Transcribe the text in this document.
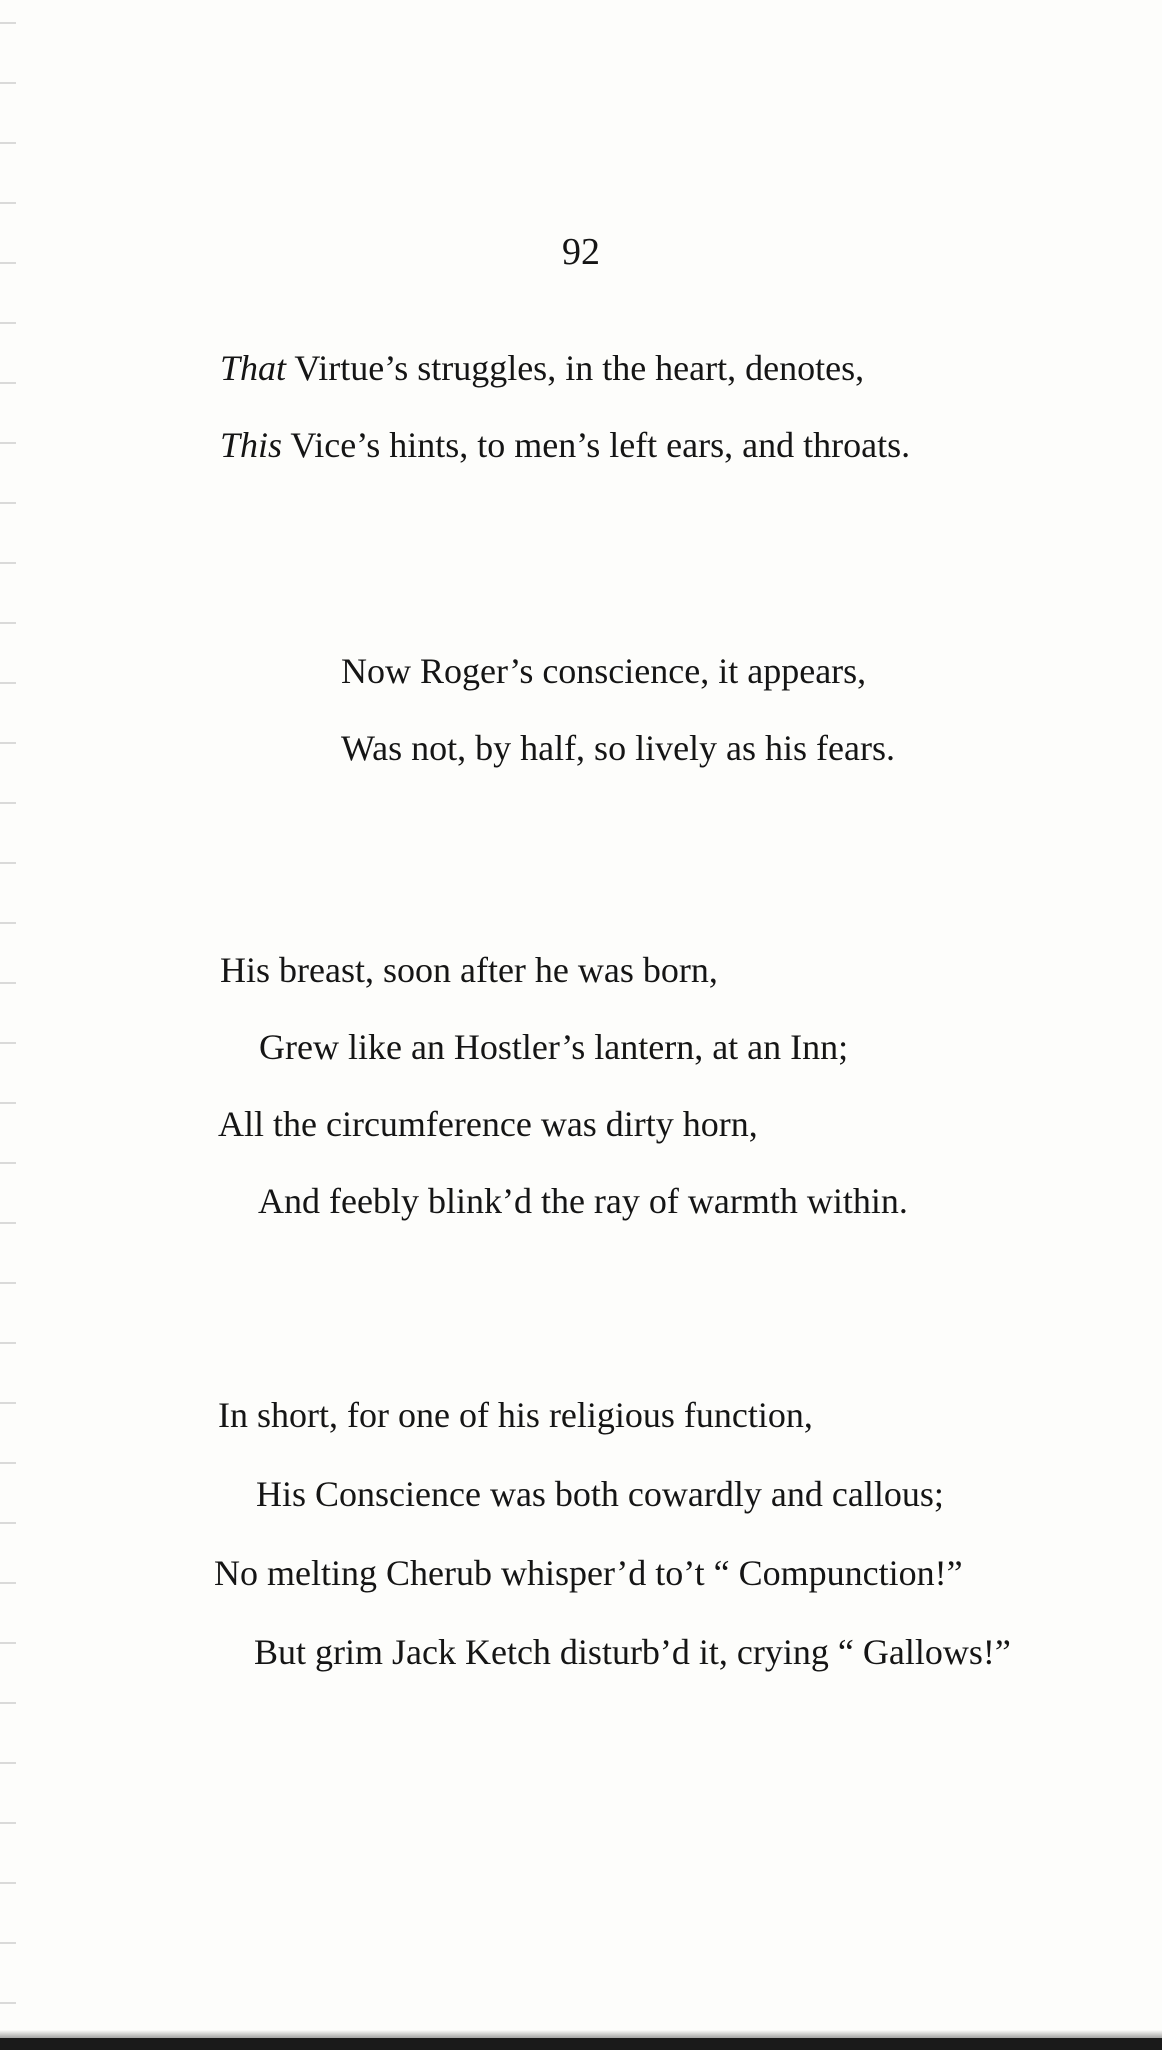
92
That Virtue’s struggles, in the heart, denotes,
This Vice’s hints, to men’s left ears, and throats.
Now Roger’s conscience, it appears,
Was not, by half, so lively as his fears.
His breast, soon after he was born,
Grew like an Hostler’s lantern, at an Inn;
All the circumference was dirty horn,
And feebly blink’d the ray of warmth within.
In short, for one of his religious function,
His Conscience was both cowardly and callous;
No melting Cherub whisper’d to’t “ Compunction!”
But grim Jack Ketch disturb’d it, crying “ Gallows!”
